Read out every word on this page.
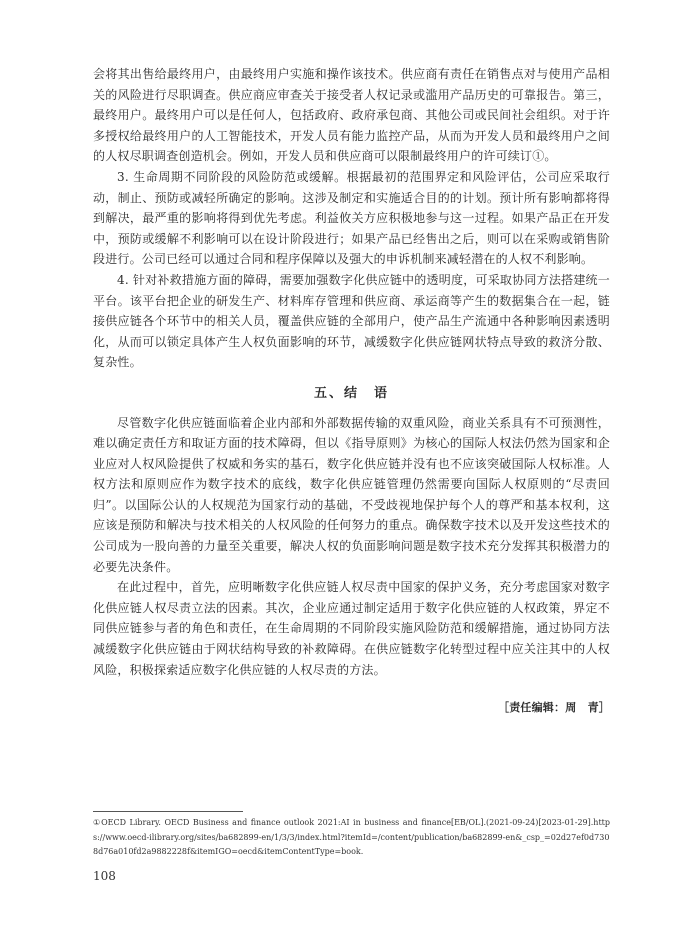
会将其出售给最终用户，由最终用户实施和操作该技术。供应商有责任在销售点对与使用产品相关的风险进行尽职调查。供应商应审查关于接受者人权记录或滥用产品历史的可靠报告。第三，最终用户。最终用户可以是任何人，包括政府、政府承包商、其他公司或民间社会组织。对于许多授权给最终用户的人工智能技术，开发人员有能力监控产品，从而为开发人员和最终用户之间的人权尽职调查创造机会。例如，开发人员和供应商可以限制最终用户的许可续订①。

3. 生命周期不同阶段的风险防范或缓解。根据最初的范围界定和风险评估，公司应采取行动，制止、预防或减轻所确定的影响。这涉及制定和实施适合目的的计划。预计所有影响都将得到解决，最严重的影响将得到优先考虑。利益攸关方应积极地参与这一过程。如果产品正在开发中，预防或缓解不利影响可以在设计阶段进行；如果产品已经售出之后，则可以在采购或销售阶段进行。公司已经可以通过合同和程序保障以及强大的申诉机制来减轻潜在的人权不利影响。

4. 针对补救措施方面的障碍，需要加强数字化供应链中的透明度，可采取协同方法搭建统一平台。该平台把企业的研发生产、材料库存管理和供应商、承运商等产生的数据集合在一起，链接供应链各个环节中的相关人员，覆盖供应链的全部用户，使产品生产流通中各种影响因素透明化，从而可以锁定具体产生人权负面影响的环节，减缓数字化供应链网状特点导致的救济分散、复杂性。

五、结　语

尽管数字化供应链面临着企业内部和外部数据传输的双重风险，商业关系具有不可预测性，难以确定责任方和取证方面的技术障碍，但以《指导原则》为核心的国际人权法仍然为国家和企业应对人权风险提供了权威和务实的基石，数字化供应链并没有也不应该突破国际人权标准。人权方法和原则应作为数字技术的底线，数字化供应链管理仍然需要向国际人权原则的“尽责回归”。以国际公认的人权规范为国家行动的基础，不受歧视地保护每个人的尊严和基本权利，这应该是预防和解决与技术相关的人权风险的任何努力的重点。确保数字技术以及开发这些技术的公司成为一股向善的力量至关重要，解决人权的负面影响问题是数字技术充分发挥其积极潜力的必要先决条件。

在此过程中，首先，应明晰数字化供应链人权尽责中国家的保护义务，充分考虑国家对数字化供应链人权尽责立法的因素。其次，企业应通过制定适用于数字化供应链的人权政策，界定不同供应链参与者的角色和责任，在生命周期的不同阶段实施风险防范和缓解措施，通过协同方法减缓数字化供应链由于网状结构导致的补救障碍。在供应链数字化转型过程中应关注其中的人权风险，积极探索适应数字化供应链的人权尽责的方法。

［责任编辑：周　青］
①OECD Library. OECD Business and finance outlook 2021:AI in business and finance[EB/OL].(2021-09-24)[2023-01-29].https://www.oecd-ilibrary.org/sites/ba682899-en/1/3/3/index.html?itemId=/content/publication/ba682899-en&_csp_=02d27ef0d7308d76a010fd2a9882228f&itemIGO=oecd&itemContentType=book.
108
